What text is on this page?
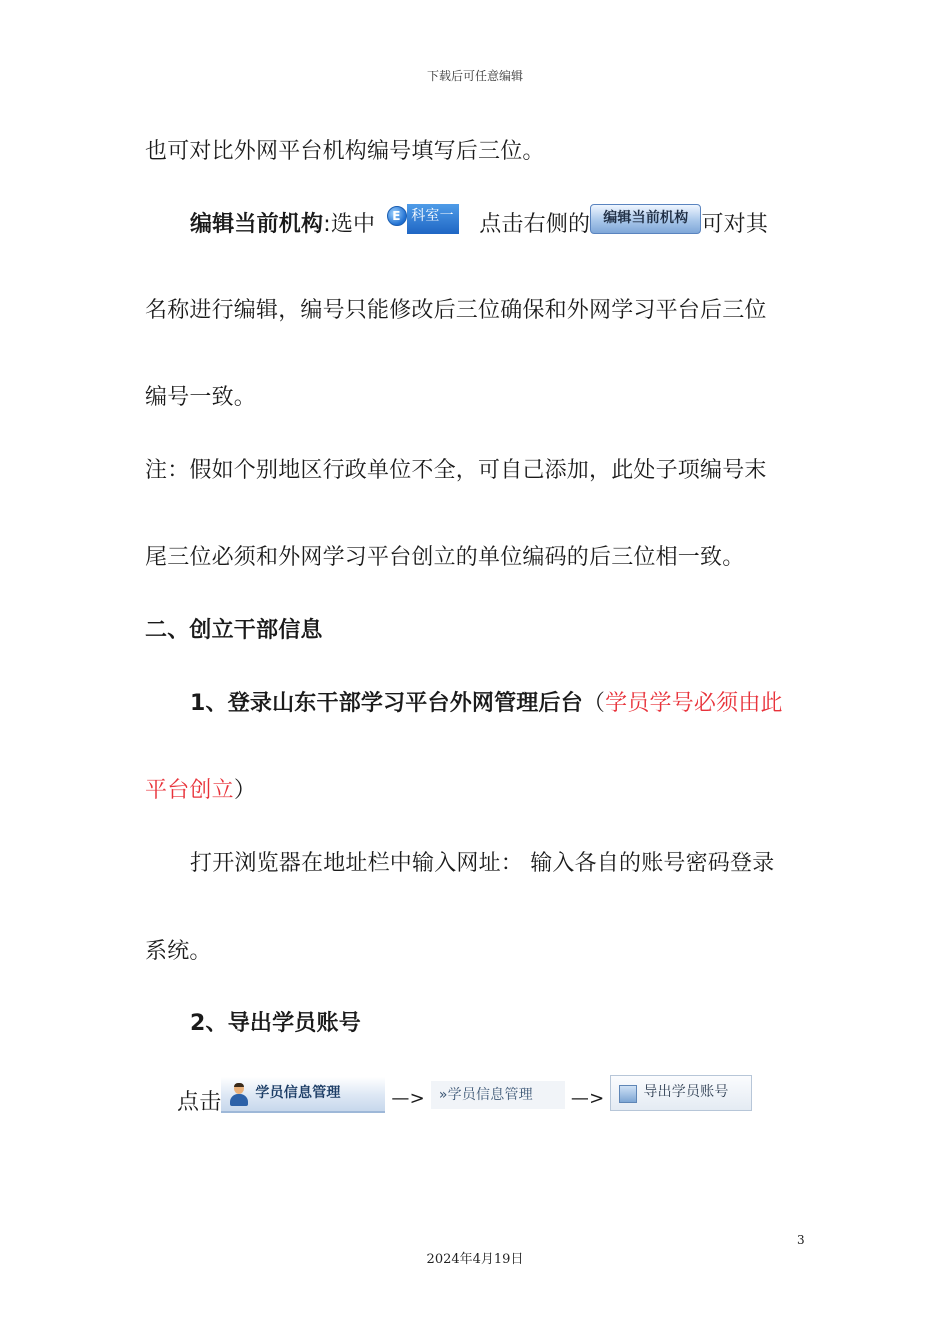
下载后可任意编辑
也可对比外网平台机构编号填写后三位。
编辑当前机构:选中 E 科室一 点击右侧的 编辑当前机构 可对其
名称进行编辑，编号只能修改后三位确保和外网学习平台后三位
编号一致。
注：假如个别地区行政单位不全，可自己添加，此处子项编号末
尾三位必须和外网学习平台创立的单位编码的后三位相一致。
二、创立干部信息
1、登录山东干部学习平台外网管理后台（学员学号必须由此
平台创立）
打开浏览器在地址栏中输入网址： 输入各自的账号密码登录
系统。
2、导出学员账号
点击 学员信息管理	—> »学员信息管理 —>	导出学员账号
3
2024年4月19日
